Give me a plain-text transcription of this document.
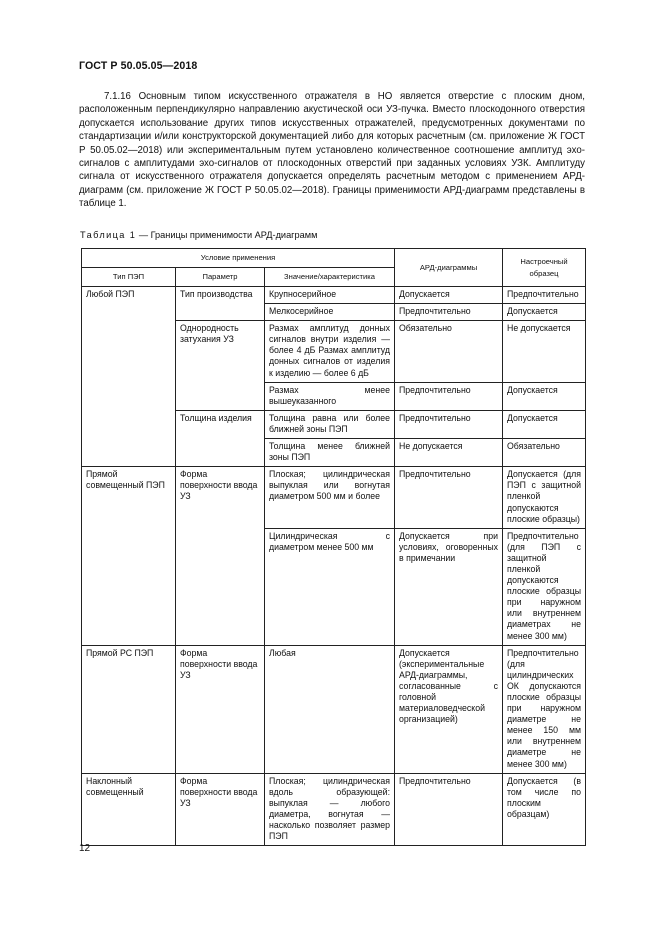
ГОСТ Р 50.05.05—2018

7.1.16 Основным типом искусственного отражателя в НО является отверстие с плоским дном, расположенным перпендикулярно направлению акустической оси УЗ-пучка. Вместо плоскодонного отверстия допускается использование других типов искусственных отражателей, предусмотренных документами по стандартизации и/или конструкторской документацией либо для которых расчетным (см. приложение Ж ГОСТ Р 50.05.02—2018) или экспериментальным путем установлено количественное соотношение амплитуд эхо-сигналов с амплитудами эхо-сигналов от плоскодонных отверстий при заданных условиях УЗК. Амплитуду сигнала от искусственного отражателя допускается определять расчетным методом с применением АРД-диаграмм (см. приложение Ж ГОСТ Р 50.05.02—2018). Границы применимости АРД-диаграмм представлены в таблице 1.

Таблица 1 — Границы применимости АРД-диаграмм
Условие применения			АРД-диаграммы	Настроечный образец
Тип ПЭП	Параметр	Значение/характеристика		
Любой ПЭП	Тип производства	Крупносерийное	Допускается	Предпочтительно
		Мелкосерийное	Предпочтительно	Допускается
	Однородность затухания УЗ	Размах амплитуд донных сигналов внутри изделия — более 4 дБ Размах амплитуд донных сигналов от изделия к изделию — более 6 дБ	Обязательно	Не допускается
		Размах менее вышеуказанного	Предпочтительно	Допускается
	Толщина изделия	Толщина равна или более ближней зоны ПЭП	Предпочтительно	Допускается
		Толщина менее ближней зоны ПЭП	Не допускается	Обязательно
Прямой совмещенный ПЭП	Форма поверхности ввода УЗ	Плоская; цилиндрическая выпуклая или вогнутая диаметром 500 мм и более	Предпочтительно	Допускается (для ПЭП с защитной пленкой допускаются плоские образцы)
		Цилиндрическая с диаметром менее 500 мм	Допускается при условиях, оговоренных в примечании	Предпочтительно (для ПЭП с защитной пленкой допускаются плоские образцы при наружном или внутреннем диаметрах не менее 300 мм)
Прямой РС ПЭП	Форма поверхности ввода УЗ	Любая	Допускается (экспериментальные АРД-диаграммы, согласованные с головной материаловедческой организацией)	Предпочтительно (для цилиндрических ОК допускаются плоские образцы при наружном диаметре не менее 150 мм или внутреннем диаметре не менее 300 мм)
Наклонный совмещенный	Форма поверхности ввода УЗ	Плоская; цилиндрическая вдоль образующей: выпуклая — любого диаметра, вогнутая — насколько позволяет размер ПЭП	Предпочтительно	Допускается (в том числе по плоским образцам)
12
